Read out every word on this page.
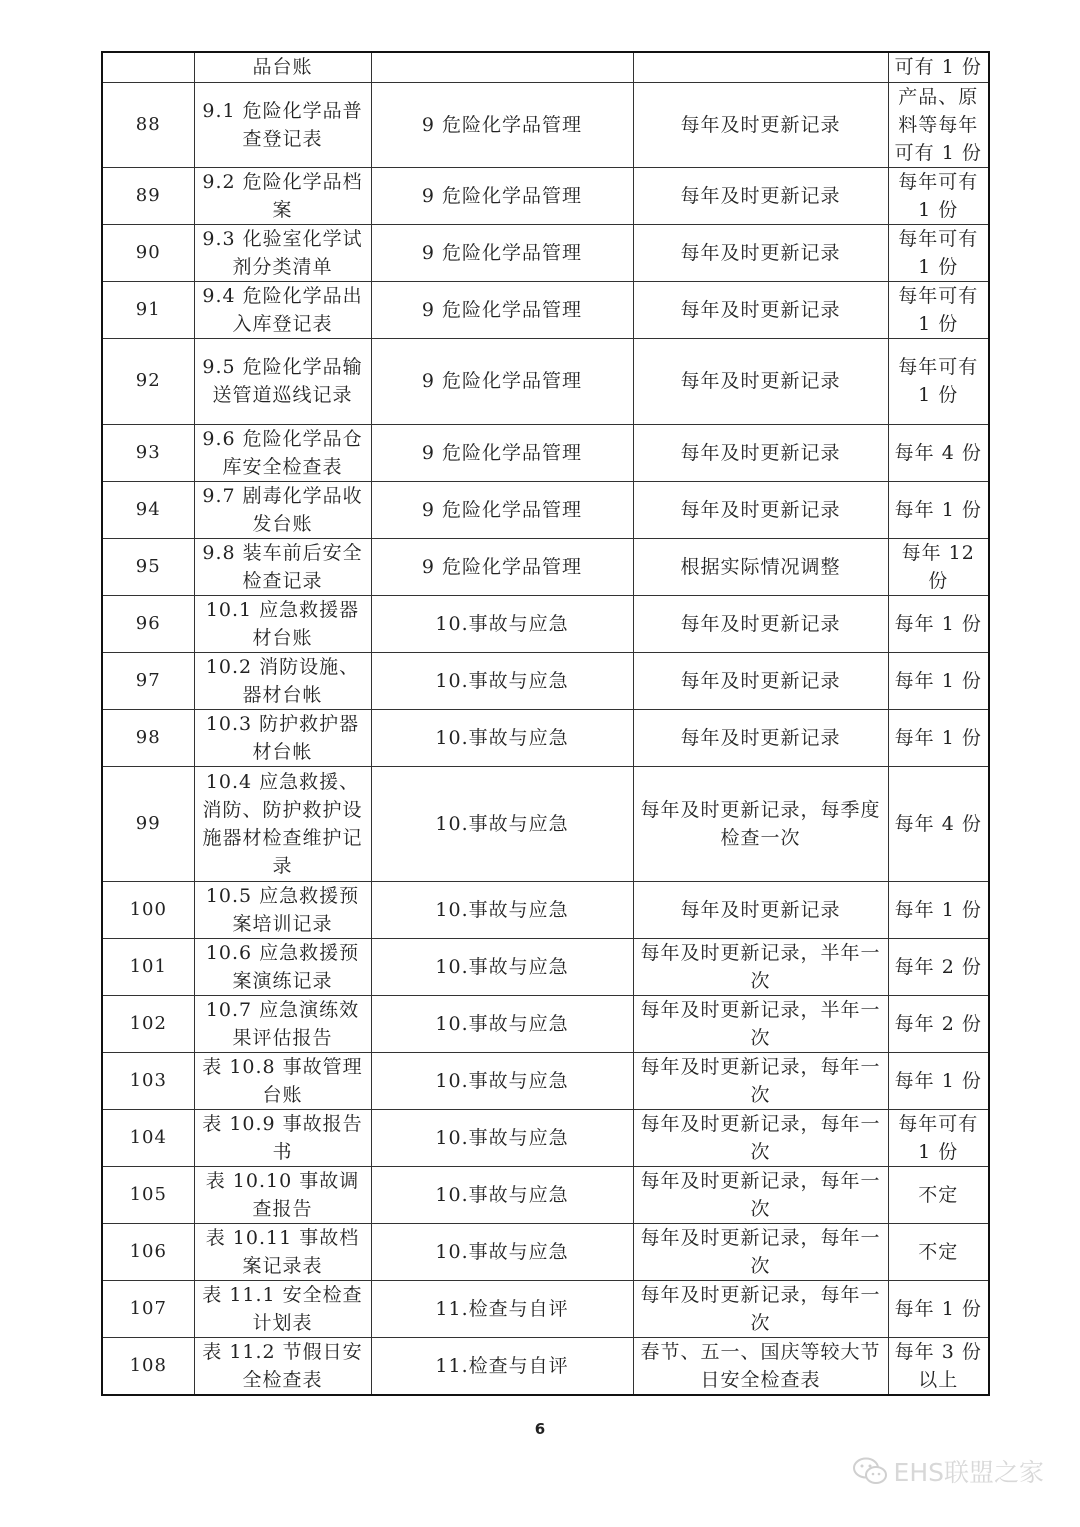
	品台账			可有 1 份
88	9.1 危险化学品普查登记表	9 危险化学品管理	每年及时更新记录	产品、原料等每年可有 1 份
89	9.2 危险化学品档案	9 危险化学品管理	每年及时更新记录	每年可有 1 份
90	9.3 化验室化学试剂分类清单	9 危险化学品管理	每年及时更新记录	每年可有 1 份
91	9.4 危险化学品出入库登记表	9 危险化学品管理	每年及时更新记录	每年可有 1 份
92	9.5 危险化学品输送管道巡线记录	9 危险化学品管理	每年及时更新记录	每年可有 1 份
93	9.6 危险化学品仓库安全检查表	9 危险化学品管理	每年及时更新记录	每年 4 份
94	9.7 剧毒化学品收发台账	9 危险化学品管理	每年及时更新记录	每年 1 份
95	9.8 装车前后安全检查记录	9 危险化学品管理	根据实际情况调整	每年 12 份
96	10.1 应急救援器材台账	10.事故与应急	每年及时更新记录	每年 1 份
97	10.2 消防设施、器材台帐	10.事故与应急	每年及时更新记录	每年 1 份
98	10.3 防护救护器材台帐	10.事故与应急	每年及时更新记录	每年 1 份
99	10.4 应急救援、消防、防护救护设施器材检查维护记录	10.事故与应急	每年及时更新记录，每季度检查一次	每年 4 份
100	10.5 应急救援预案培训记录	10.事故与应急	每年及时更新记录	每年 1 份
101	10.6 应急救援预案演练记录	10.事故与应急	每年及时更新记录，半年一次	每年 2 份
102	10.7 应急演练效果评估报告	10.事故与应急	每年及时更新记录，半年一次	每年 2 份
103	表 10.8 事故管理台账	10.事故与应急	每年及时更新记录，每年一次	每年 1 份
104	表 10.9 事故报告书	10.事故与应急	每年及时更新记录，每年一次	每年可有 1 份
105	表 10.10 事故调查报告	10.事故与应急	每年及时更新记录，每年一次	不定
106	表 10.11 事故档案记录表	10.事故与应急	每年及时更新记录，每年一次	不定
107	表 11.1 安全检查计划表	11.检查与自评	每年及时更新记录，每年一次	每年 1 份
108	表 11.2 节假日安全检查表	11.检查与自评	春节、五一、国庆等较大节日安全检查表	每年 3 份以上
6
EHS联盟之家
